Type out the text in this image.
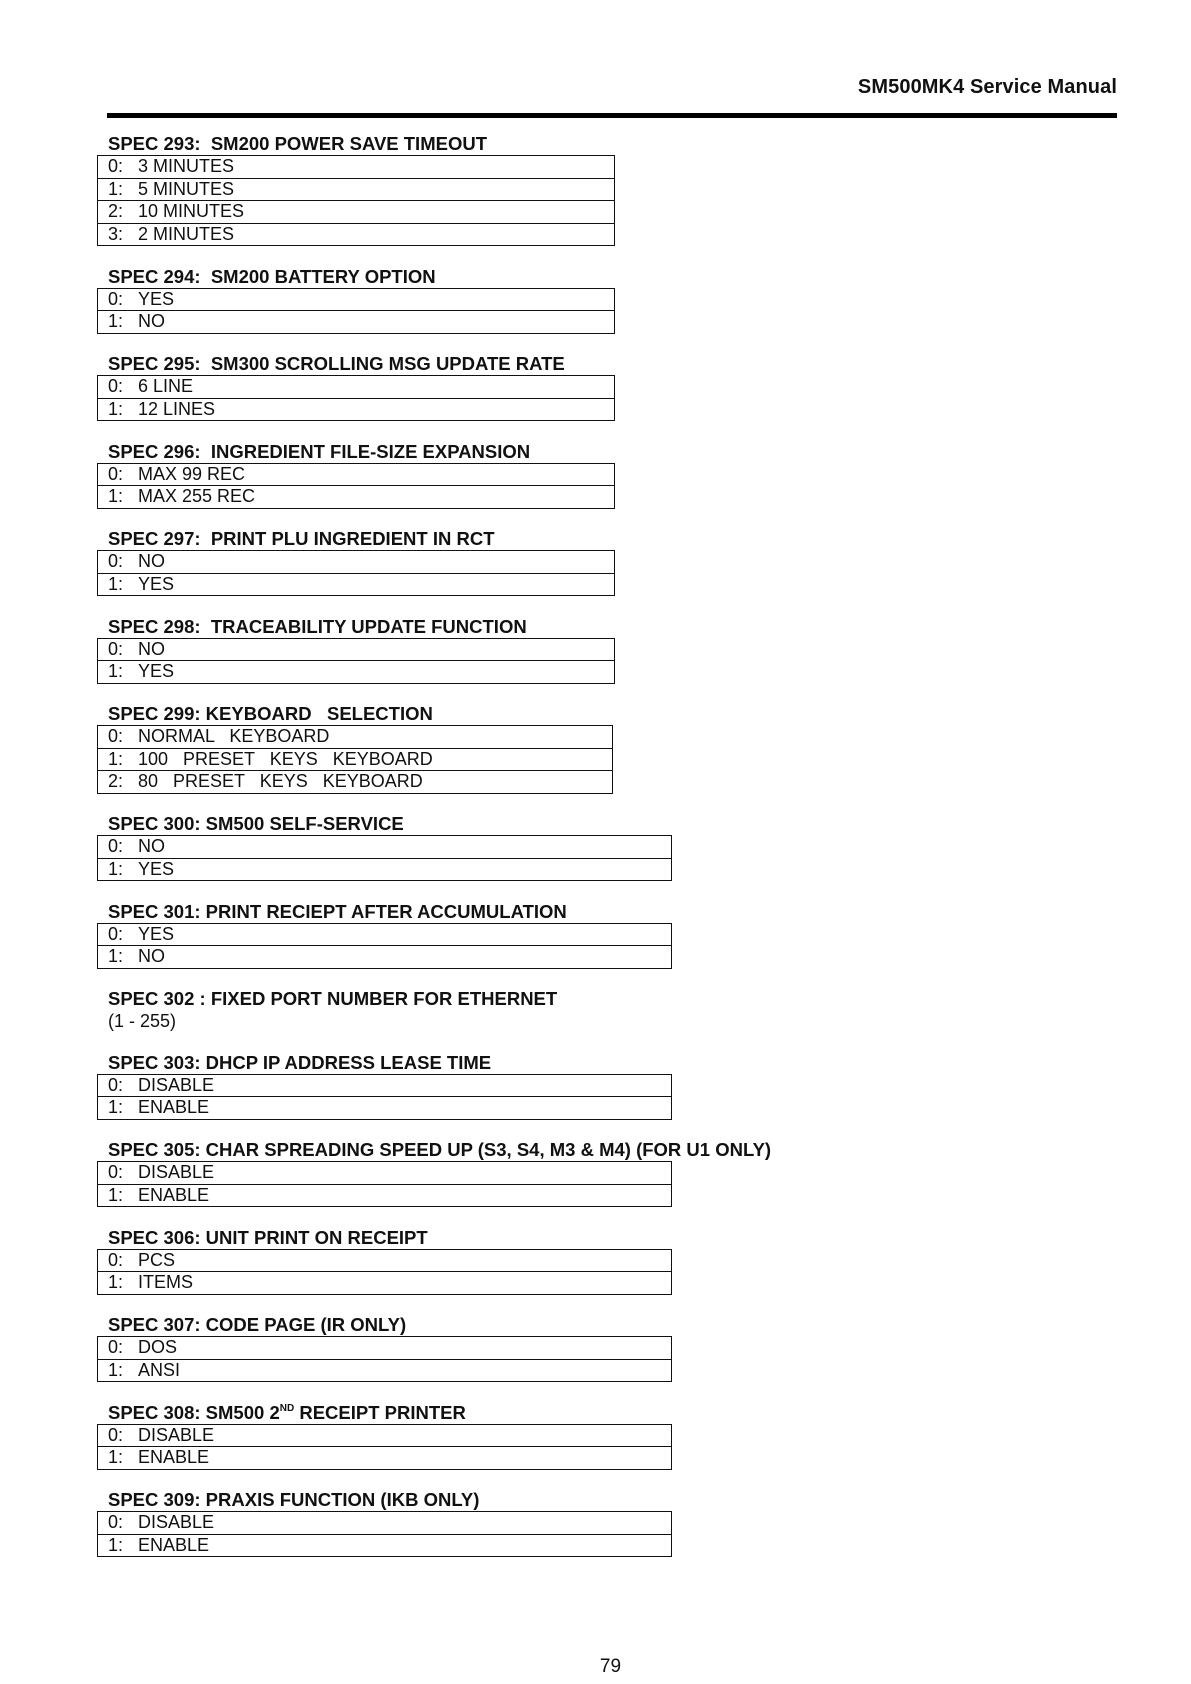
SM500MK4 Service Manual
SPEC 293:  SM200 POWER SAVE TIMEOUT
0: 3 MINUTES
1: 5 MINUTES
2: 10 MINUTES
3: 2 MINUTES
SPEC 294:  SM200 BATTERY OPTION
0: YES
1: NO
SPEC 295:  SM300 SCROLLING MSG UPDATE RATE
0: 6 LINE
1: 12 LINES
SPEC 296:  INGREDIENT FILE-SIZE EXPANSION
0: MAX 99 REC
1: MAX 255 REC
SPEC 297:  PRINT PLU INGREDIENT IN RCT
0: NO
1: YES
SPEC 298:  TRACEABILITY UPDATE FUNCTION
0: NO
1: YES
SPEC 299: KEYBOARD   SELECTION
0: NORMAL   KEYBOARD
1: 100   PRESET   KEYS   KEYBOARD
2: 80   PRESET   KEYS   KEYBOARD
SPEC 300: SM500 SELF-SERVICE
0: NO
1: YES
SPEC 301: PRINT RECIEPT AFTER ACCUMULATION
0: YES
1: NO
SPEC 302 : FIXED PORT NUMBER FOR ETHERNET
(1 - 255)
SPEC 303: DHCP IP ADDRESS LEASE TIME
0: DISABLE
1: ENABLE
SPEC 305: CHAR SPREADING SPEED UP (S3, S4, M3 & M4) (FOR U1 ONLY)
0: DISABLE
1: ENABLE
SPEC 306: UNIT PRINT ON RECEIPT
0: PCS
1: ITEMS
SPEC 307: CODE PAGE (IR ONLY)
0: DOS
1: ANSI
SPEC 308: SM500 2ND RECEIPT PRINTER
0: DISABLE
1: ENABLE
SPEC 309: PRAXIS FUNCTION (IKB ONLY)
0: DISABLE
1: ENABLE
79
